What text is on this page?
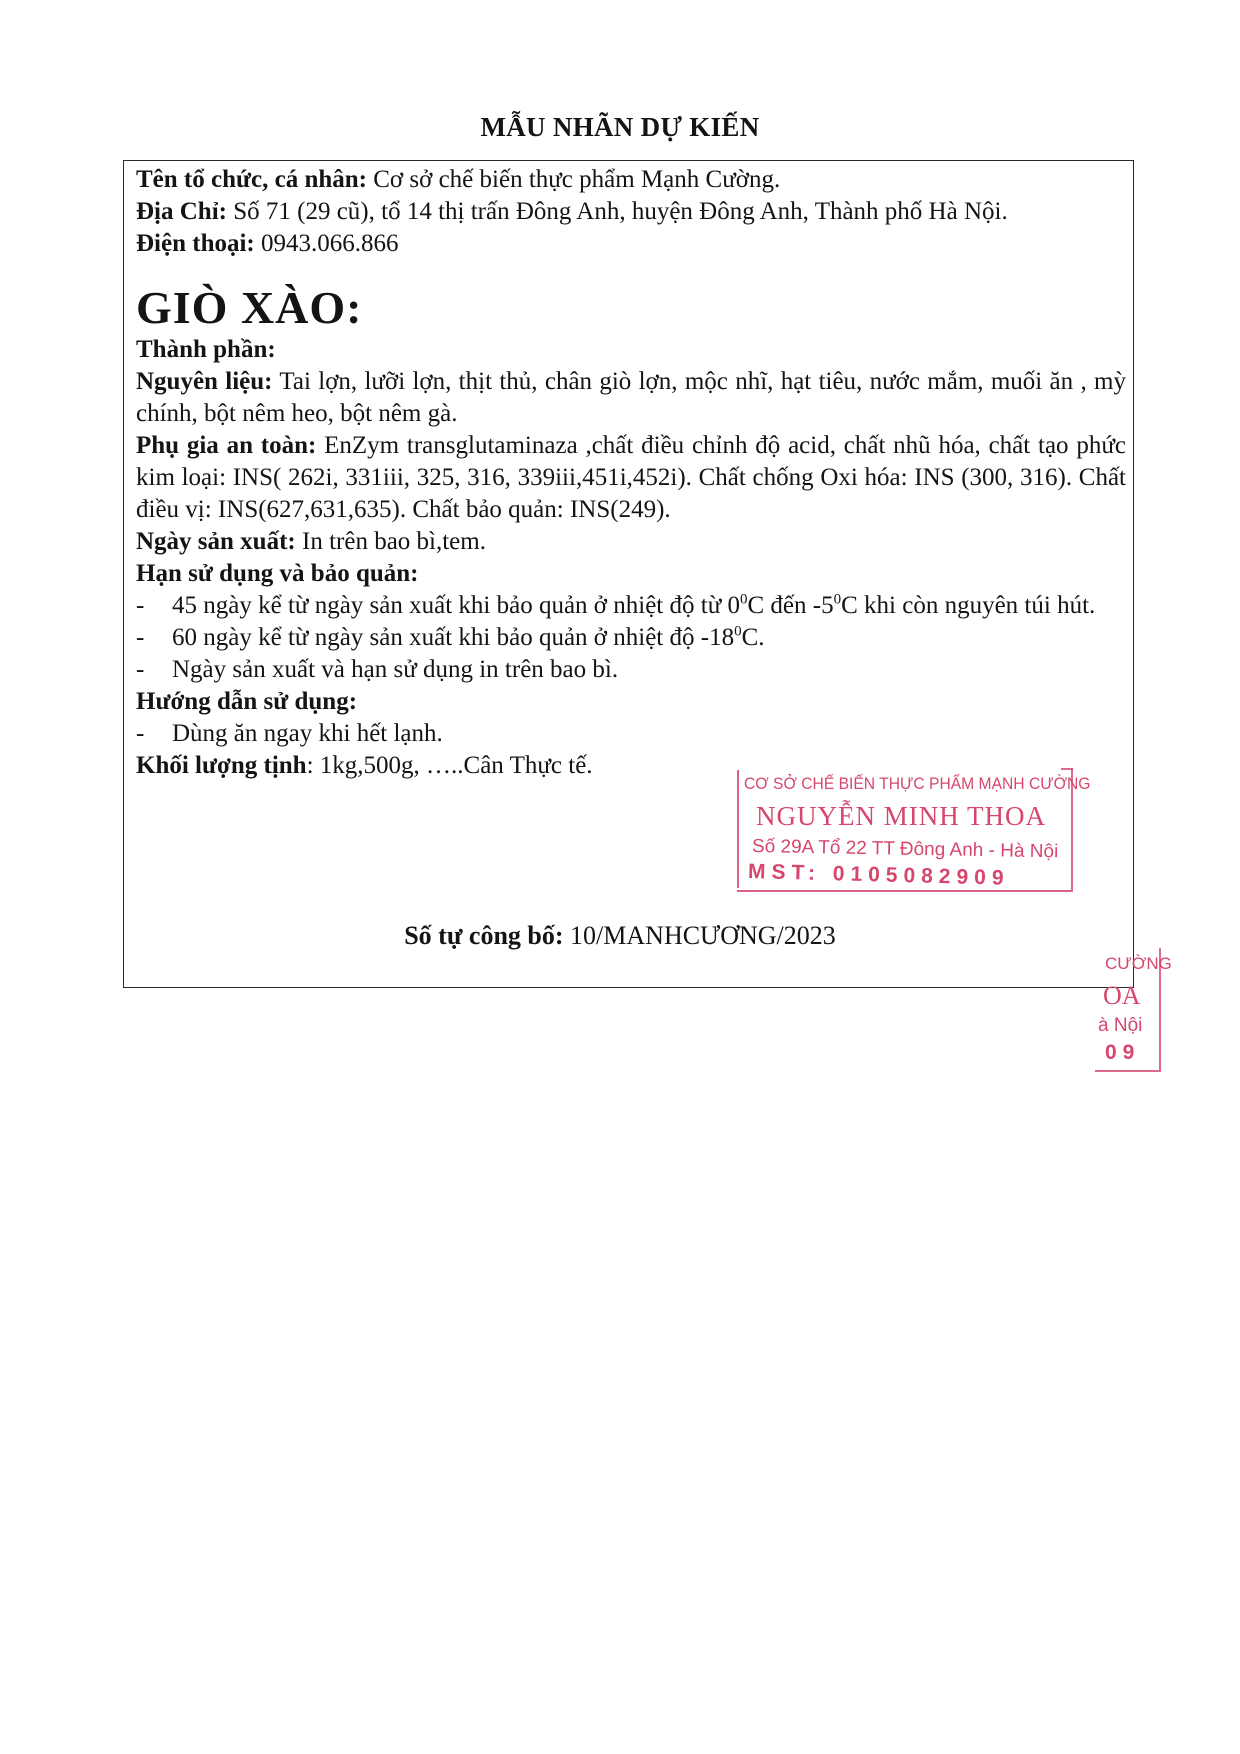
MẪU NHÃN DỰ KIẾN

Tên tổ chức, cá nhân: Cơ sở chế biến thực phẩm Mạnh Cường.

Địa Chỉ: Số 71 (29 cũ), tổ 14 thị trấn Đông Anh, huyện Đông Anh, Thành phố Hà Nội.

Điện thoại: 0943.066.866

GIÒ XÀO:

Thành phần:

Nguyên liệu: Tai lợn, lưỡi lợn, thịt thủ, chân giò lợn, mộc nhĩ, hạt tiêu, nước mắm, muối ăn , mỳ chính, bột nêm heo, bột nêm gà.

Phụ gia an toàn: EnZym transglutaminaza ,chất điều chỉnh độ acid, chất nhũ hóa, chất tạo phức kim loại: INS( 262i, 331iii, 325, 316, 339iii,451i,452i). Chất chống Oxi hóa: INS (300, 316). Chất điều vị: INS(627,631,635). Chất bảo quản: INS(249).

Ngày sản xuất: In trên bao bì,tem.

Hạn sử dụng và bảo quản:

- 45 ngày kể từ ngày sản xuất khi bảo quản ở nhiệt độ từ $0^0C$ đến $-5^0C$ khi còn nguyên túi hút.

- 60 ngày kể từ ngày sản xuất khi bảo quản ở nhiệt độ $-18^0C$.

- Ngày sản xuất và hạn sử dụng in trên bao bì.

Hướng dẫn sử dụng:

- Dùng ăn ngay khi hết lạnh.

Khối lượng tịnh: 1kg,500g, …..Cân Thực tế.

Số tự công bố: 10/MANHCƯƠNG/2023
CƠ SỞ CHẾ BIẾN THỰC PHẨM MẠNH CƯỜNG
NGUYỄN MINH THOA
Số 29A Tổ 22 TT Đông Anh - Hà Nội
MST: 0105082909
CƯỜNG
OA
à Nội
09
